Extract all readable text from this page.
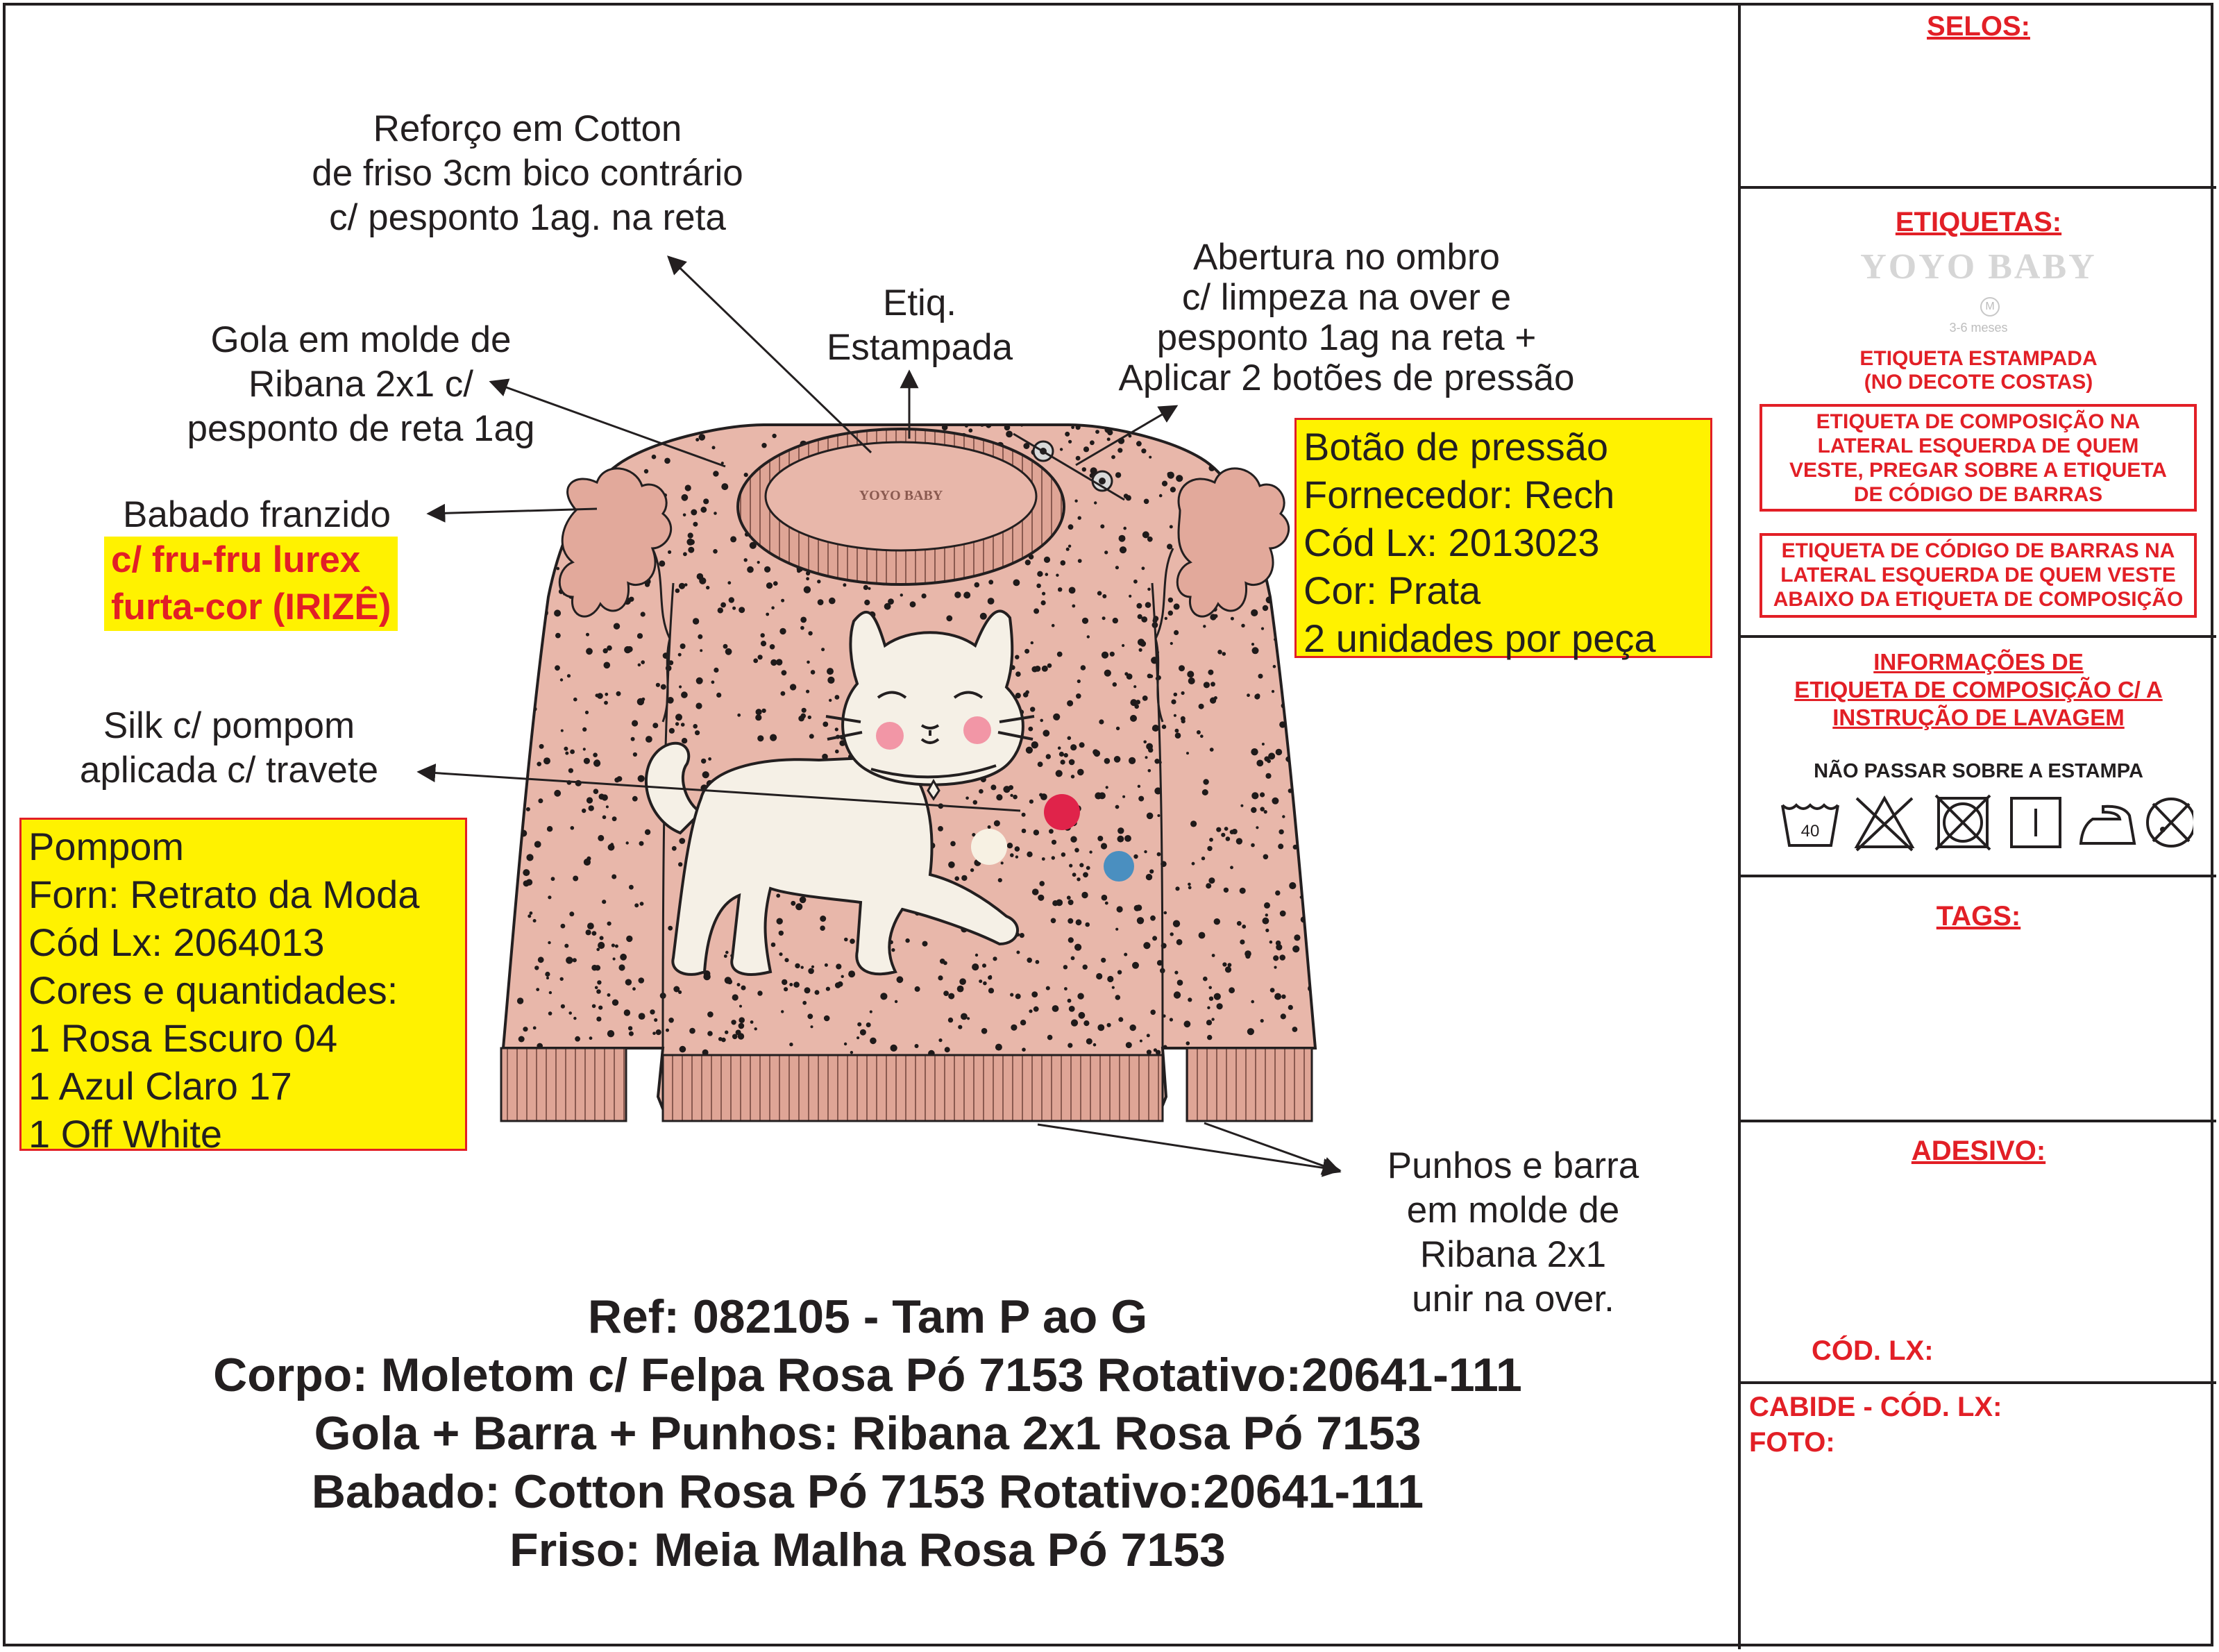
YOYO BABY
Reforço em Cotton
de friso 3cm bico contrário
c/ pesponto 1ag. na reta
Etiq.
Estampada
Abertura no ombro
c/ limpeza na over e
pesponto 1ag na reta +
Aplicar 2 botões de pressão
Gola em molde de
Ribana 2x1 c/
pesponto de reta 1ag
Babado franzido
c/ fru-fru lurex
furta-cor (IRIZÊ)
Silk c/ pompom
aplicada c/ travete
Punhos e barra
em molde de
Ribana 2x1
unir na over.
Botão de pressão
Fornecedor: Rech
Cód Lx: 2013023
Cor: Prata
2 unidades por peça
Pompom
Forn: Retrato da Moda
Cód Lx: 2064013
Cores e quantidades:
1 Rosa Escuro 04
1 Azul Claro 17
1 Off White
Ref: 082105 - Tam P ao G
Corpo: Moletom c/ Felpa Rosa Pó 7153 Rotativo:20641-111
Gola + Barra + Punhos: Ribana 2x1 Rosa Pó 7153
Babado: Cotton Rosa Pó 7153 Rotativo:20641-111
Friso: Meia Malha Rosa Pó 7153
SELOS:
ETIQUETAS:
YOYO BABY
M
3-6 meses
ETIQUETA ESTAMPADA
(NO DECOTE COSTAS)
ETIQUETA DE COMPOSIÇÃO NA
LATERAL ESQUERDA DE QUEM
VESTE, PREGAR SOBRE A ETIQUETA
DE CÓDIGO DE BARRAS
ETIQUETA DE CÓDIGO DE BARRAS NA
LATERAL ESQUERDA DE QUEM VESTE
ABAIXO DA ETIQUETA DE COMPOSIÇÃO
INFORMAÇÕES DE
ETIQUETA DE COMPOSIÇÃO C/ A
INSTRUÇÃO DE LAVAGEM
NÃO PASSAR SOBRE A ESTAMPA
40
TAGS:
ADESIVO:
CÓD. LX:
CABIDE - CÓD. LX:
FOTO:
